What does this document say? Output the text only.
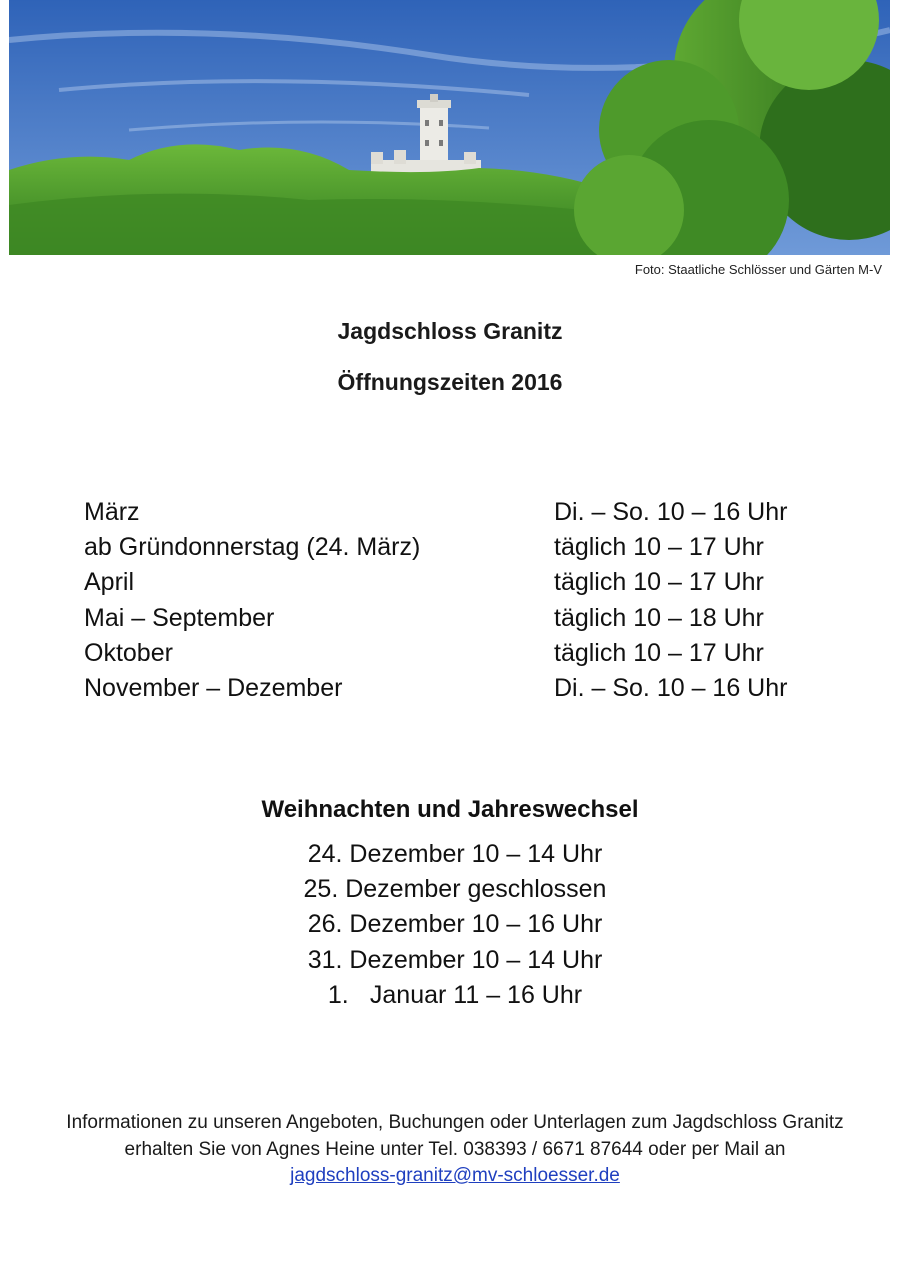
Foto: Staatliche Schlösser und Gärten M-V
Jagdschloss Granitz
Öffnungszeiten 2016
März	Di. – So. 10 – 16 Uhr
ab Gründonnerstag (24. März)	täglich 10 – 17 Uhr
April	täglich 10 – 17 Uhr
Mai – September	täglich 10 – 18 Uhr
Oktober	täglich 10 – 17 Uhr
November – Dezember	Di. – So. 10 – 16 Uhr
Weihnachten und Jahreswechsel
24. Dezember 10 – 14 Uhr
25. Dezember geschlossen
26. Dezember 10 – 16 Uhr
31. Dezember 10 – 14 Uhr
1. Januar 11 – 16 Uhr
Informationen zu unseren Angeboten, Buchungen oder Unterlagen zum Jagdschloss Granitz
erhalten Sie von Agnes Heine unter Tel. 038393 / 6671 87644 oder per Mail an
jagdschloss-granitz@mv-schloesser.de
